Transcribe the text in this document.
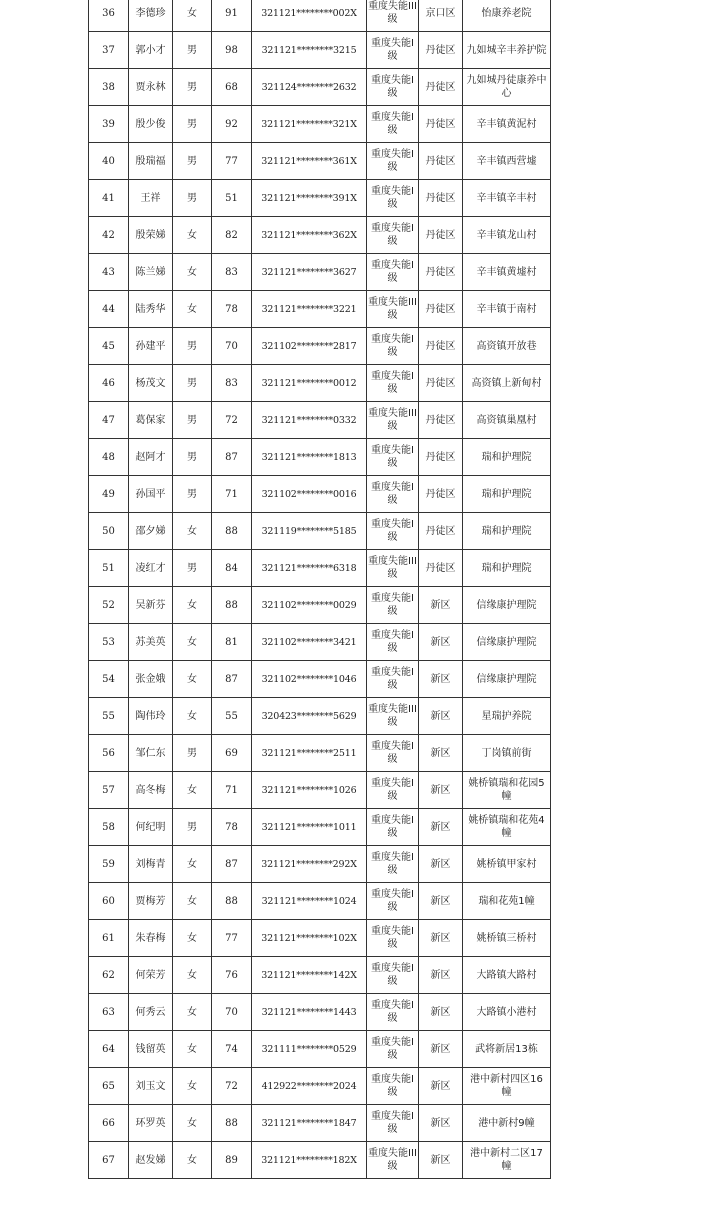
36	李德珍	女	91	321121********002X	重度失能III级	京口区	怡康养老院
37	郭小才	男	98	321121********3215	重度失能I级	丹徒区	九如城辛丰养护院
38	贾永林	男	68	321124********2632	重度失能I级	丹徒区	九如城丹徒康养中心
39	殷少俊	男	92	321121********321X	重度失能I级	丹徒区	辛丰镇黄泥村
40	殷瑞福	男	77	321121********361X	重度失能I级	丹徒区	辛丰镇西营墟
41	王祥	男	51	321121********391X	重度失能I级	丹徒区	辛丰镇辛丰村
42	殷荣娣	女	82	321121********362X	重度失能I级	丹徒区	辛丰镇龙山村
43	陈兰娣	女	83	321121********3627	重度失能I级	丹徒区	辛丰镇黄墟村
44	陆秀华	女	78	321121********3221	重度失能III级	丹徒区	辛丰镇于南村
45	孙建平	男	70	321102********2817	重度失能I级	丹徒区	高资镇开放巷
46	杨茂文	男	83	321121********0012	重度失能I级	丹徒区	高资镇上新甸村
47	葛保家	男	72	321121********0332	重度失能III级	丹徒区	高资镇巢凰村
48	赵阿才	男	87	321121********1813	重度失能I级	丹徒区	瑞和护理院
49	孙国平	男	71	321102********0016	重度失能I级	丹徒区	瑞和护理院
50	邵夕娣	女	88	321119********5185	重度失能I级	丹徒区	瑞和护理院
51	凌红才	男	84	321121********6318	重度失能III级	丹徒区	瑞和护理院
52	吴新芬	女	88	321102********0029	重度失能I级	新区	信缘康护理院
53	苏美英	女	81	321102********3421	重度失能I级	新区	信缘康护理院
54	张金娥	女	87	321102********1046	重度失能I级	新区	信缘康护理院
55	陶伟玲	女	55	320423********5629	重度失能III级	新区	星瑞护养院
56	邹仁东	男	69	321121********2511	重度失能I级	新区	丁岗镇前街
57	高冬梅	女	71	321121********1026	重度失能I级	新区	姚桥镇瑞和花园5幢
58	何纪明	男	78	321121********1011	重度失能I级	新区	姚桥镇瑞和花苑4幢
59	刘梅青	女	87	321121********292X	重度失能I级	新区	姚桥镇甲家村
60	贾梅芳	女	88	321121********1024	重度失能I级	新区	瑞和花苑1幢
61	朱春梅	女	77	321121********102X	重度失能I级	新区	姚桥镇三桥村
62	何荣芳	女	76	321121********142X	重度失能I级	新区	大路镇大路村
63	何秀云	女	70	321121********1443	重度失能I级	新区	大路镇小港村
64	钱留英	女	74	321111********0529	重度失能I级	新区	武将新居13栋
65	刘玉文	女	72	412922********2024	重度失能I级	新区	港中新村四区16幢
66	环罗英	女	88	321121********1847	重度失能I级	新区	港中新村9幢
67	赵发娣	女	89	321121********182X	重度失能III级	新区	港中新村二区17幢
